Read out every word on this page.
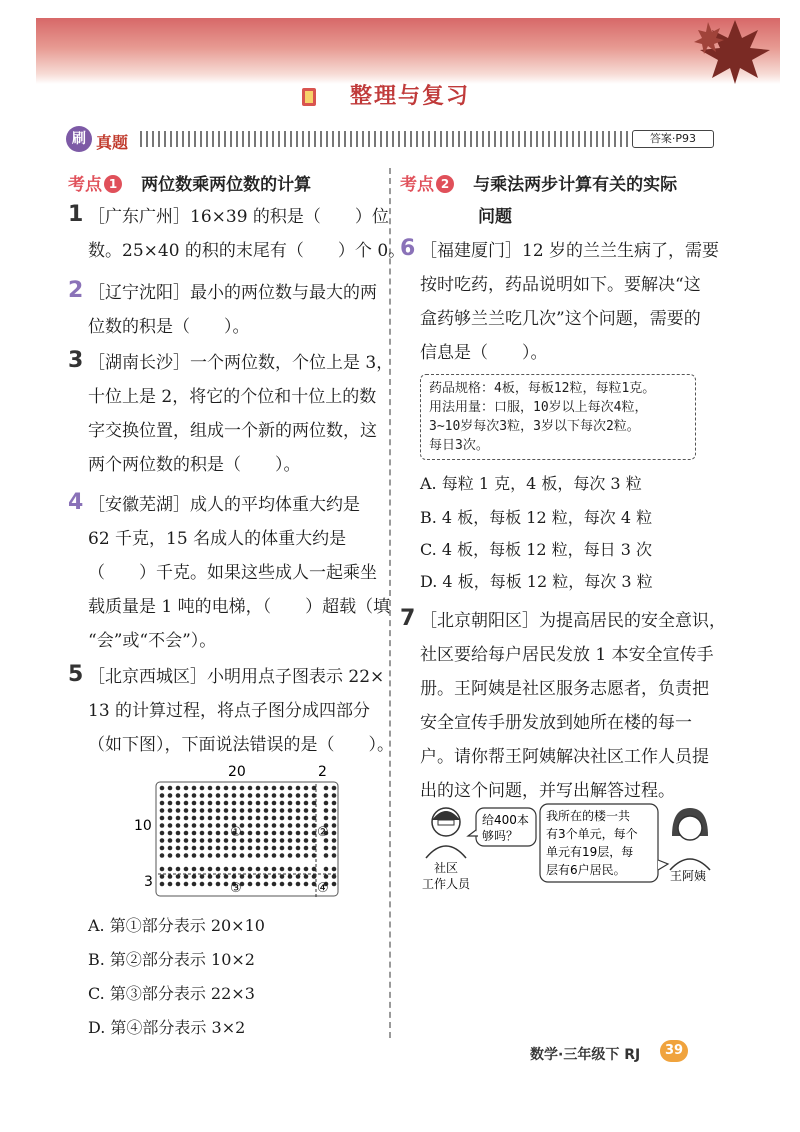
整理与复习
刷 真题	答案·P93
考点 1 两位数乘两位数的计算
1 ［广东广州］16×39 的积是（　　）位
数。25×40 的积的末尾有（　　）个 0。
2 ［辽宁沈阳］最小的两位数与最大的两
位数的积是（　　）。
3 ［湖南长沙］一个两位数，个位上是 3，
十位上是 2，将它的个位和十位上的数
字交换位置，组成一个新的两位数，这
两个两位数的积是（　　）。
4 ［安徽芜湖］成人的平均体重大约是
62 千克，15 名成人的体重大约是
（　　）千克。如果这些成人一起乘坐
载质量是 1 吨的电梯，（　　）超载（填
“会”或“不会”）。
5 ［北京西城区］小明用点子图表示 22×
13 的计算过程，将点子图分成四部分
（如下图），下面说法错误的是（　　）。
20	2
10
3
①	②
③	④
A. 第①部分表示 20×10
B. 第②部分表示 10×2
C. 第③部分表示 22×3
D. 第④部分表示 3×2
考点 2 与乘法两步计算有关的实际
问题
6 ［福建厦门］12 岁的兰兰生病了，需要
按时吃药，药品说明如下。要解决“这
盒药够兰兰吃几次”这个问题，需要的
信息是（　　）。
药品规格：4板，每板12粒，每粒1克。
用法用量：口服，10岁以上每次4粒，
3~10岁每次3粒，3岁以下每次2粒。
每日3次。
A. 每粒 1 克，4 板，每次 3 粒
B. 4 板，每板 12 粒，每次 4 粒
C. 4 板，每板 12 粒，每日 3 次
D. 4 板，每板 12 粒，每次 3 粒
7 ［北京朝阳区］为提高居民的安全意识，
社区要给每户居民发放 1 本安全宣传手
册。王阿姨是社区服务志愿者，负责把
安全宣传手册发放到她所在楼的每一
户。请你帮王阿姨解决社区工作人员提
出的这个问题，并写出解答过程。
给400本
够吗？
社区
工作人员
我所在的楼一共
有3个单元，每个
单元有19层，每
层有6户居民。	王阿姨
数学·三年级下 RJ	39
